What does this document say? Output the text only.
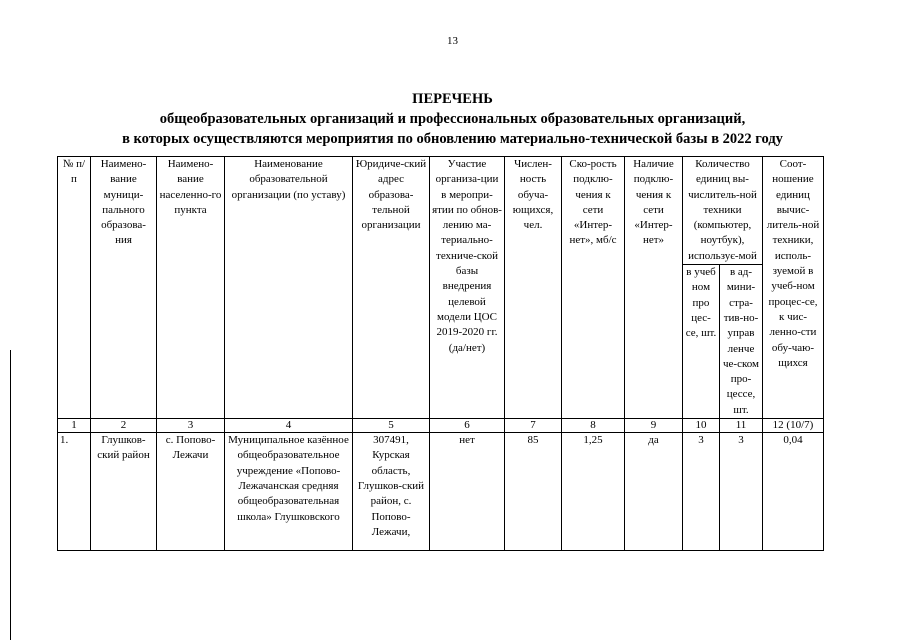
13
ПЕРЕЧЕНЬ
общеобразовательных организаций и профессиональных образовательных организаций,
в которых осуществляются мероприятия по обновлению материально-технической базы в 2022 году
№ п/п	Наимено-вание муници-пального образова-ния	Наимено-вание населенно-го пункта	Наименование образовательной организации (по уставу)	Юридиче-ский адрес образова-тельной организации	Участие организа-ции в меропри-ятии по обнов-лению ма-териально-техниче-ской базы внедрения целевой модели ЦОС 2019-2020 гг. (да/нет)	Числен-ность обуча-ющихся, чел.	Ско-рость подклю-чения к сети «Интер-нет», мб/с	Наличие подклю-чения к сети «Интер-нет»	Количество единиц вы-числитель-ной техники (компьютер, ноутбук), использує-мой		Соот-ношение единиц вычис-литель-ной техники, исполь-зуемой в учеб-ном процес-се, к чис-ленно-сти обу-чаю-щихся
									в учеб ном про цес-се, шт.	в ад-мини-стра-тив-но-управ ленче че-ском про-цессе, шт.	
1	2	3	4	5	6	7	8	9	10	11	12 (10/7)
1.	Глушков-ский район	с. Попово-Лежачи	Муниципальное казённое общеобразовательное учреждение «Попово-Лежачанская средняя общеобразовательная школа» Глушковского	307491, Курская область, Глушков-ский район, с. Попово-Лежачи,	нет	85	1,25	да	3	3	0,04
